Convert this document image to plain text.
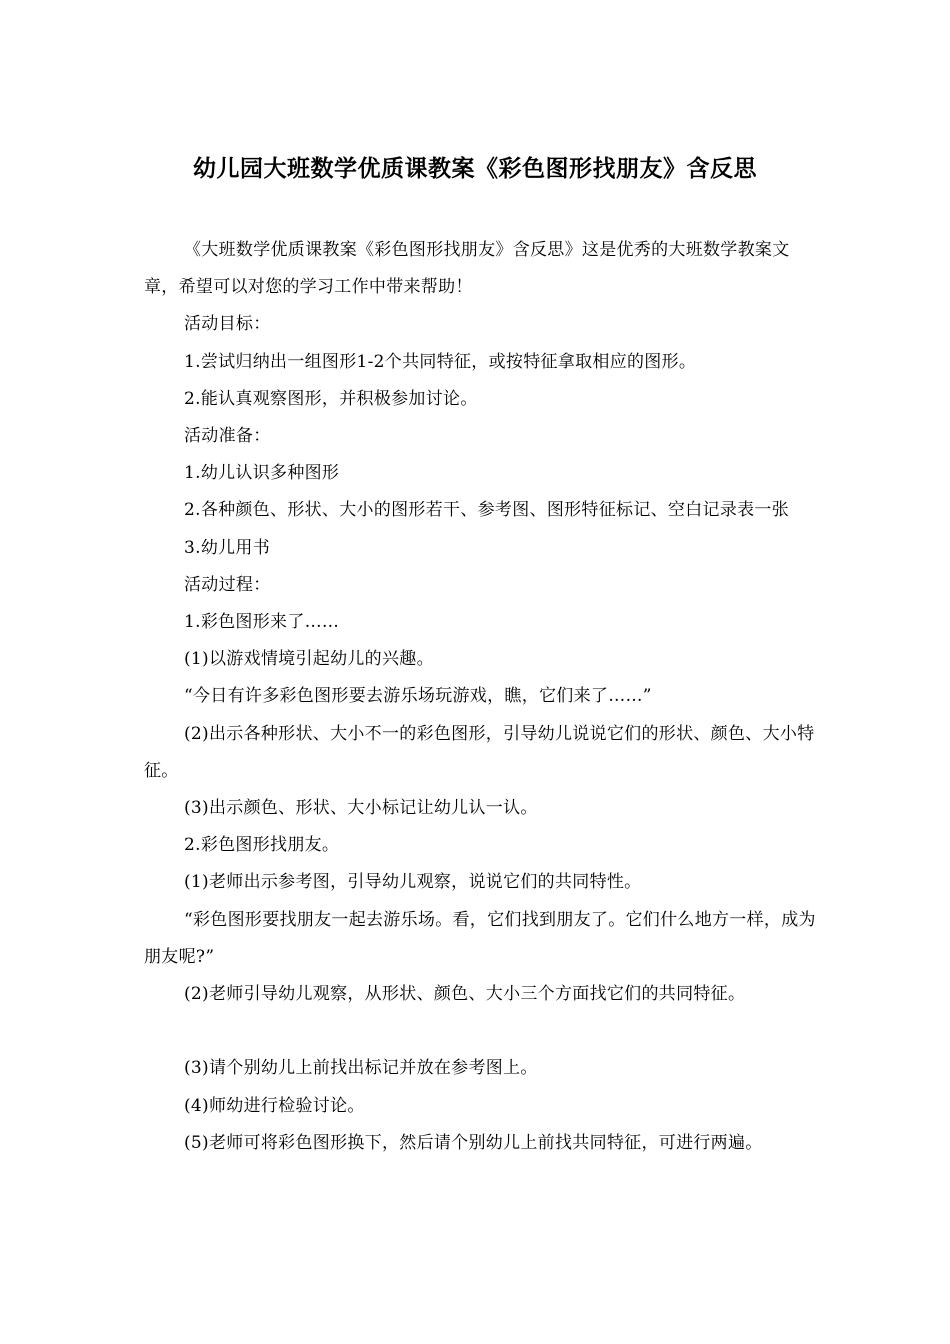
幼儿园大班数学优质课教案《彩色图形找朋友》含反思

《大班数学优质课教案《彩色图形找朋友》含反思》这是优秀的大班数学教案文章，希望可以对您的学习工作中带来帮助！

活动目标：

1.尝试归纳出一组图形1-2个共同特征，或按特征拿取相应的图形。

2.能认真观察图形，并积极参加讨论。

活动准备：

1.幼儿认识多种图形

2.各种颜色、形状、大小的图形若干、参考图、图形特征标记、空白记录表一张

3.幼儿用书

活动过程：

1.彩色图形来了……

(1)以游戏情境引起幼儿的兴趣。

“今日有许多彩色图形要去游乐场玩游戏，瞧，它们来了……”

(2)出示各种形状、大小不一的彩色图形，引导幼儿说说它们的形状、颜色、大小特征。

(3)出示颜色、形状、大小标记让幼儿认一认。

2.彩色图形找朋友。

(1)老师出示参考图，引导幼儿观察，说说它们的共同特性。

“彩色图形要找朋友一起去游乐场。看，它们找到朋友了。它们什么地方一样，成为朋友呢?”

(2)老师引导幼儿观察，从形状、颜色、大小三个方面找它们的共同特征。

(3)请个别幼儿上前找出标记并放在参考图上。

(4)师幼进行检验讨论。

(5)老师可将彩色图形换下，然后请个别幼儿上前找共同特征，可进行两遍。
